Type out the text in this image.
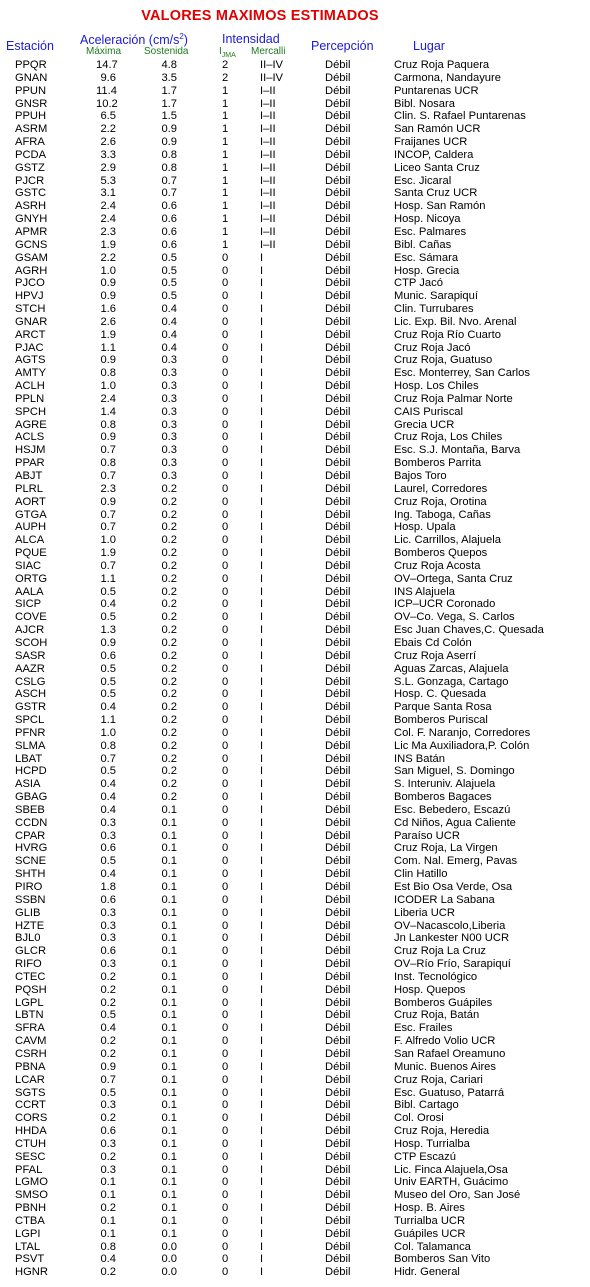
VALORES MAXIMOS ESTIMADOS
Estación Aceleración $(cm/s^2)$
Máxima Sostenida
Intensidad
$I_{JMA}$ Mercalli Percepción	Lugar
PPQR	14.7	4.8	2	II–IV	Débil	Cruz Roja Paquera
GNAN	9.6	3.5	2	II–IV	Débil	Carmona, Nandayure
PPUN	11.4	1.7	1	I–II	Débil	Puntarenas UCR
GNSR	10.2	1.7	1	I–II	Débil	Bibl. Nosara
PPUH	6.5	1.5	1	I–II	Débil	Clin. S. Rafael Puntarenas
ASRM	2.2	0.9	1	I–II	Débil	San Ramón UCR
AFRA	2.6	0.9	1	I–II	Débil	Fraijanes UCR
PCDA	3.3	0.8	1	I–II	Débil	INCOP, Caldera
GSTZ	2.9	0.8	1	I–II	Débil	Liceo Santa Cruz
PJCR	5.3	0.7	1	I–II	Débil	Esc. Jicaral
GSTC	3.1	0.7	1	I–II	Débil	Santa Cruz UCR
ASRH	2.4	0.6	1	I–II	Débil	Hosp. San Ramón
GNYH	2.4	0.6	1	I–II	Débil	Hosp. Nicoya
APMR	2.3	0.6	1	I–II	Débil	Esc. Palmares
GCNS	1.9	0.6	1	I–II	Débil	Bibl. Cañas
GSAM	2.2	0.5	0	I	Débil	Esc. Sámara
AGRH	1.0	0.5	0	I	Débil	Hosp. Grecia
PJCO	0.9	0.5	0	I	Débil	CTP Jacó
HPVJ	0.9	0.5	0	I	Débil	Munic. Sarapiquí
STCH	1.6	0.4	0	I	Débil	Clin. Turrubares
GNAR	2.6	0.4	0	I	Débil	Lic. Exp. Bil. Nvo. Arenal
ARCT	1.9	0.4	0	I	Débil	Cruz Roja Río Cuarto
PJAC	1.1	0.4	0	I	Débil	Cruz Roja Jacó
AGTS	0.9	0.3	0	I	Débil	Cruz Roja, Guatuso
AMTY	0.8	0.3	0	I	Débil	Esc. Monterrey, San Carlos
ACLH	1.0	0.3	0	I	Débil	Hosp. Los Chiles
PPLN	2.4	0.3	0	I	Débil	Cruz Roja Palmar Norte
SPCH	1.4	0.3	0	I	Débil	CAIS Puriscal
AGRE	0.8	0.3	0	I	Débil	Grecia UCR
ACLS	0.9	0.3	0	I	Débil	Cruz Roja, Los Chiles
HSJM	0.7	0.3	0	I	Débil	Esc. S.J. Montaña, Barva
PPAR	0.8	0.3	0	I	Débil	Bomberos Parrita
ABJT	0.7	0.3	0	I	Débil	Bajos Toro
PLRL	2.3	0.2	0	I	Débil	Laurel, Corredores
AORT	0.9	0.2	0	I	Débil	Cruz Roja, Orotina
GTGA	0.7	0.2	0	I	Débil	Ing. Taboga, Cañas
AUPH	0.7	0.2	0	I	Débil	Hosp. Upala
ALCA	1.0	0.2	0	I	Débil	Lic. Carrillos, Alajuela
PQUE	1.9	0.2	0	I	Débil	Bomberos Quepos
SIAC	0.7	0.2	0	I	Débil	Cruz Roja Acosta
ORTG	1.1	0.2	0	I	Débil	OV–Ortega, Santa Cruz
AALA	0.5	0.2	0	I	Débil	INS Alajuela
SICP	0.4	0.2	0	I	Débil	ICP–UCR Coronado
COVE	0.5	0.2	0	I	Débil	OV–Co. Vega, S. Carlos
AJCR	1.3	0.2	0	I	Débil	Esc Juan Chaves,C. Quesada
SCOH	0.9	0.2	0	I	Débil	Ebais Cd Colón
SASR	0.6	0.2	0	I	Débil	Cruz Roja Aserrí
AAZR	0.5	0.2	0	I	Débil	Aguas Zarcas, Alajuela
CSLG	0.5	0.2	0	I	Débil	S.L. Gonzaga, Cartago
ASCH	0.5	0.2	0	I	Débil	Hosp. C. Quesada
GSTR	0.4	0.2	0	I	Débil	Parque Santa Rosa
SPCL	1.1	0.2	0	I	Débil	Bomberos Puriscal
PFNR	1.0	0.2	0	I	Débil	Col. F. Naranjo, Corredores
SLMA	0.8	0.2	0	I	Débil	Lic Ma Auxiliadora,P. Colón
LBAT	0.7	0.2	0	I	Débil	INS Batán
HCPD	0.5	0.2	0	I	Débil	San Miguel, S. Domingo
ASIA	0.4	0.2	0	I	Débil	S. Interuniv. Alajuela
GBAG	0.4	0.2	0	I	Débil	Bomberos Bagaces
SBEB	0.4	0.1	0	I	Débil	Esc. Bebedero, Escazú
CCDN	0.3	0.1	0	I	Débil	Cd Niños, Agua Caliente
CPAR	0.3	0.1	0	I	Débil	Paraíso UCR
HVRG	0.6	0.1	0	I	Débil	Cruz Roja, La Virgen
SCNE	0.5	0.1	0	I	Débil	Com. Nal. Emerg, Pavas
SHTH	0.4	0.1	0	I	Débil	Clin Hatillo
PIRO	1.8	0.1	0	I	Débil	Est Bio Osa Verde, Osa
SSBN	0.6	0.1	0	I	Débil	ICODER La Sabana
GLIB	0.3	0.1	0	I	Débil	Liberia UCR
HZTE	0.3	0.1	0	I	Débil	OV–Nacascolo,Liberia
BJL0	0.3	0.1	0	I	Débil	Jn Lankester N00 UCR
GLCR	0.6	0.1	0	I	Débil	Cruz Roja La Cruz
RIFO	0.3	0.1	0	I	Débil	OV–Río Frío, Sarapiquí
CTEC	0.2	0.1	0	I	Débil	Inst. Tecnológico
PQSH	0.2	0.1	0	I	Débil	Hosp. Quepos
LGPL	0.2	0.1	0	I	Débil	Bomberos Guápiles
LBTN	0.5	0.1	0	I	Débil	Cruz Roja, Batán
SFRA	0.4	0.1	0	I	Débil	Esc. Frailes
CAVM	0.2	0.1	0	I	Débil	F. Alfredo Volio UCR
CSRH	0.2	0.1	0	I	Débil	San Rafael Oreamuno
PBNA	0.9	0.1	0	I	Débil	Munic. Buenos Aires
LCAR	0.7	0.1	0	I	Débil	Cruz Roja, Cariari
SGTS	0.5	0.1	0	I	Débil	Esc. Guatuso, Patarrá
CCRT	0.3	0.1	0	I	Débil	Bibl. Cartago
CORS	0.2	0.1	0	I	Débil	Col. Orosi
HHDA	0.6	0.1	0	I	Débil	Cruz Roja, Heredia
CTUH	0.3	0.1	0	I	Débil	Hosp. Turrialba
SESC	0.2	0.1	0	I	Débil	CTP Escazú
PFAL	0.3	0.1	0	I	Débil	Lic. Finca Alajuela,Osa
LGMO	0.1	0.1	0	I	Débil	Univ EARTH, Guácimo
SMSO	0.1	0.1	0	I	Débil	Museo del Oro, San José
PBNH	0.2	0.1	0	I	Débil	Hosp. B. Aires
CTBA	0.1	0.1	0	I	Débil	Turrialba UCR
LGPI	0.1	0.1	0	I	Débil	Guápiles UCR
LTAL	0.8	0.0	0	I	Débil	Col. Talamanca
PSVT	0.4	0.0	0	I	Débil	Bomberos San Vito
HGNR	0.2	0.0	0	I	Débil	Hidr. General
